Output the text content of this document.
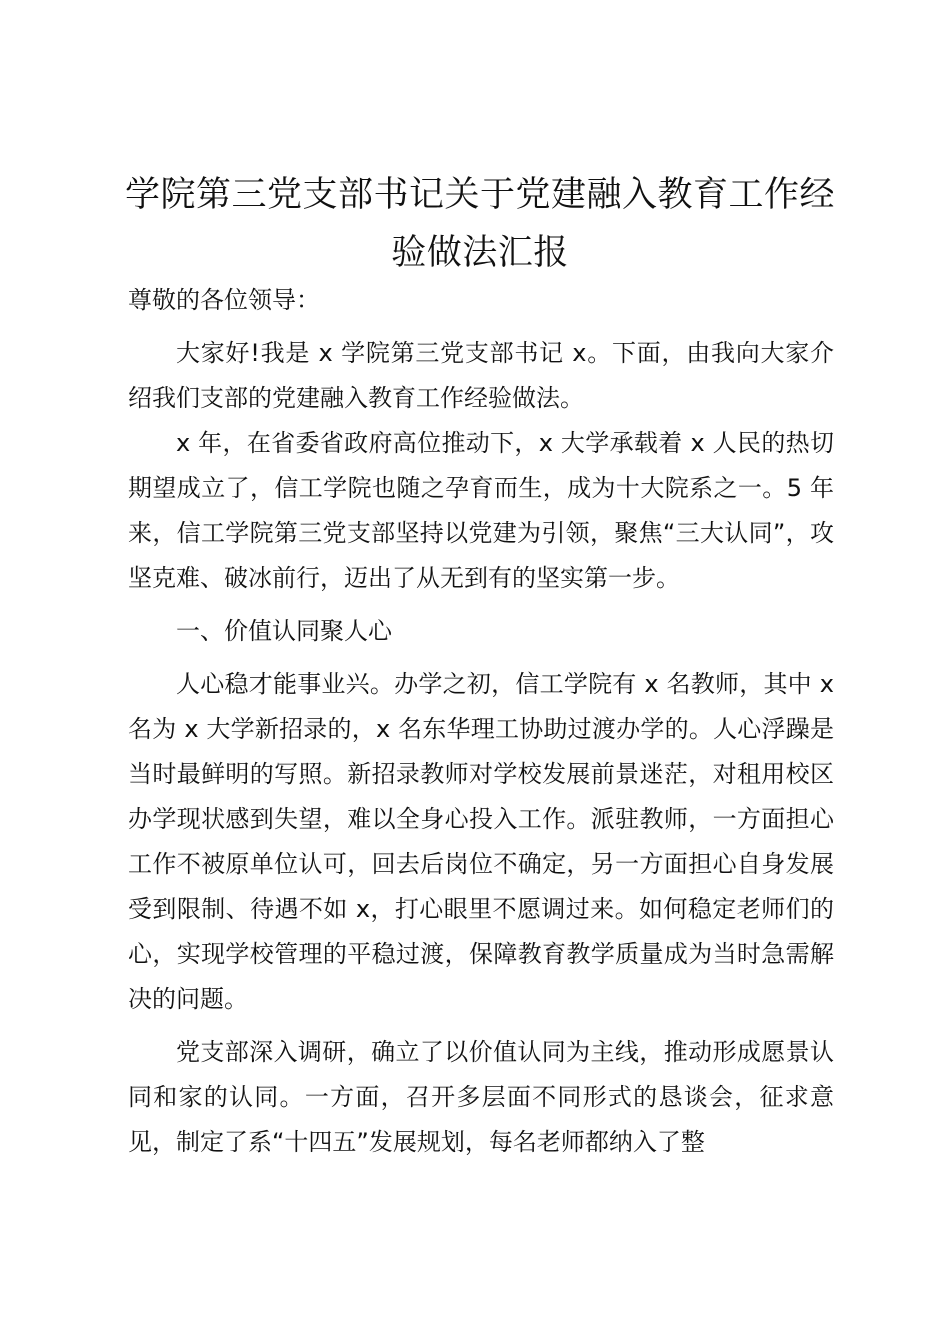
学院第三党支部书记关于党建融入教育工作经验做法汇报

尊敬的各位领导：

大家好!我是 x 学院第三党支部书记 x。下面，由我向大家介绍我们支部的党建融入教育工作经验做法。

x 年，在省委省政府高位推动下，x 大学承载着 x 人民的热切期望成立了，信工学院也随之孕育而生，成为十大院系之一。5 年来，信工学院第三党支部坚持以党建为引领，聚焦“三大认同”，攻坚克难、破冰前行，迈出了从无到有的坚实第一步。

一、价值认同聚人心

人心稳才能事业兴。办学之初，信工学院有 x 名教师，其中 x 名为 x 大学新招录的，x 名东华理工协助过渡办学的。人心浮躁是当时最鲜明的写照。新招录教师对学校发展前景迷茫，对租用校区办学现状感到失望，难以全身心投入工作。派驻教师，一方面担心工作不被原单位认可，回去后岗位不确定，另一方面担心自身发展受到限制、待遇不如 x，打心眼里不愿调过来。如何稳定老师们的心，实现学校管理的平稳过渡，保障教育教学质量成为当时急需解决的问题。

党支部深入调研，确立了以价值认同为主线，推动形成愿景认同和家的认同。一方面，召开多层面不同形式的恳谈会，征求意见，制定了系“十四五”发展规划，每名老师都纳入了整
